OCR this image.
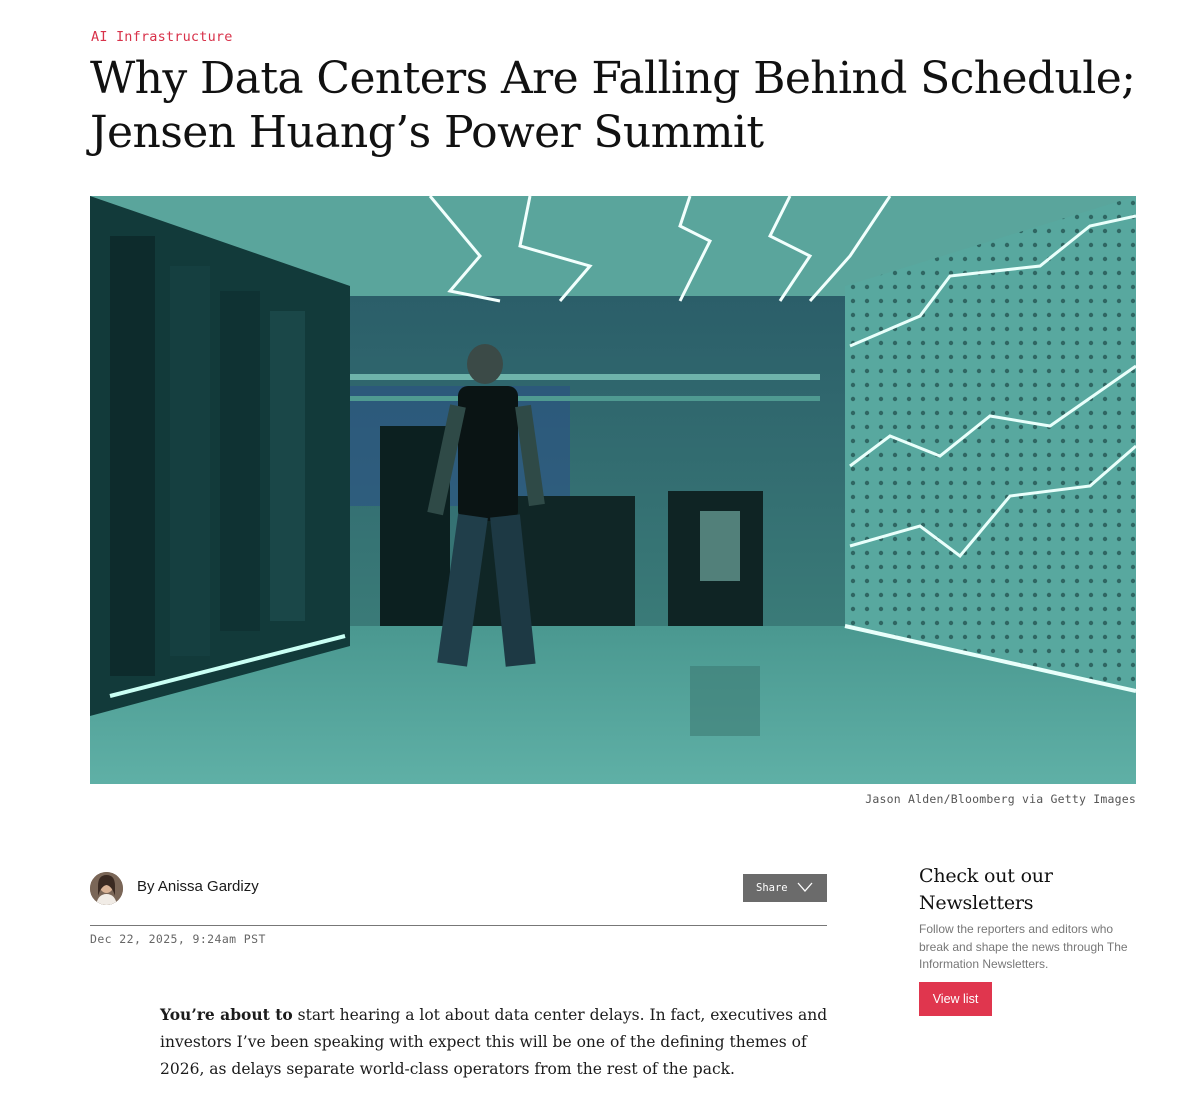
AI Infrastructure
Why Data Centers Are Falling Behind Schedule; Jensen Huang’s Power Summit
Jason Alden/Bloomberg via Getty Images
By Anissa Gardizy	Share
Dec 22, 2025, 9:24am PST

You’re about to start hearing a lot about data center delays. In fact, executives and investors I’ve been speaking with expect this will be one of the defining themes of 2026, as delays separate world-class operators from the rest of the pack.

Check out our Newsletters
Follow the reporters and editors who break and shape the news through The Information Newsletters.
View list
